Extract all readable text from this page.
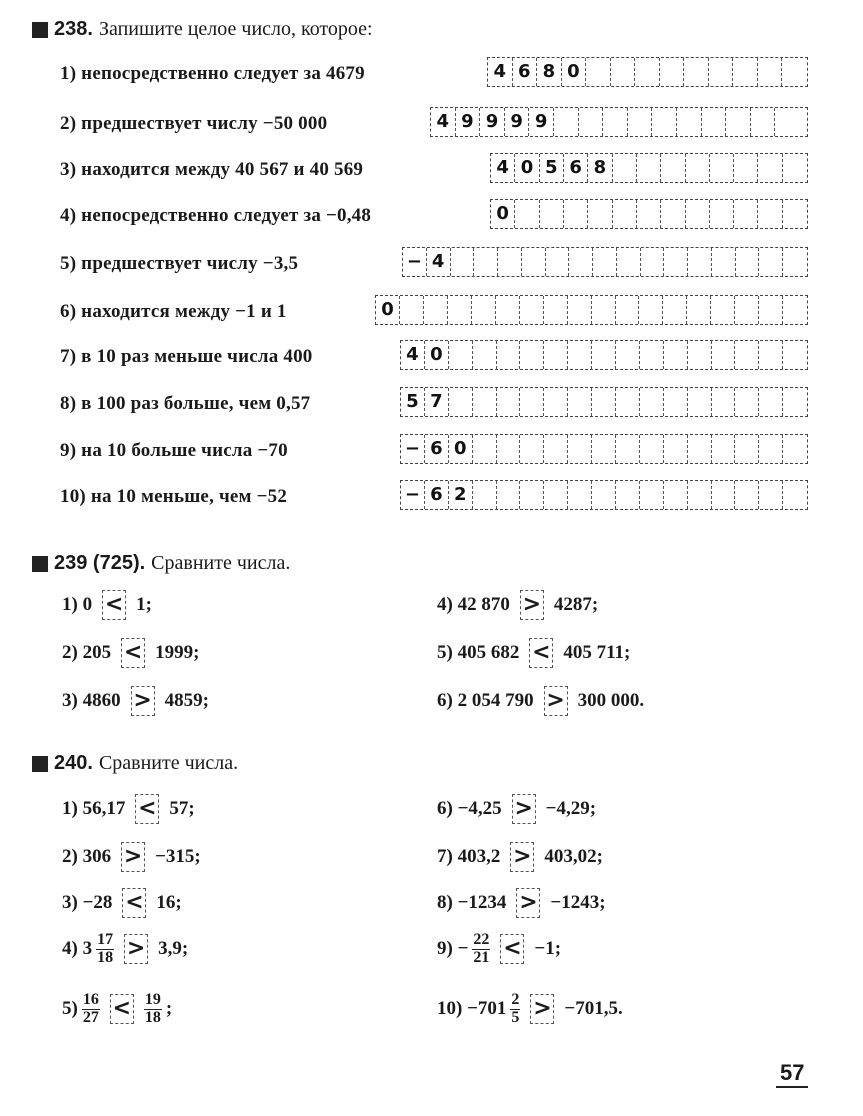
238. Запишите целое число, которое:
1) непосредственно следует за 4679	4 6 8 0
2) предшествует числу −50 000	4 9 9 9 9
3) находится между 40 567 и 40 569	4 0 5 6 8
4) непосредственно следует за −0,48	0
5) предшествует числу −3,5	− 4
6) находится между −1 и 1	0
7) в 10 раз меньше числа 400	4 0
8) в 100 раз больше, чем 0,57	5 7
9) на 10 больше числа −70	− 6 0
10) на 10 меньше, чем −52	− 6 2
239 (725). Сравните числа.
1) 0 < 1;
2) 205 < 1999;
3) 4860 > 4859;
4) 42 870 > 4287;
5) 405 682 < 405 711;
6) 2 054 790 > 300 000.
240. Сравните числа.
1) 56,17 < 57;
2) 306 > −315;
3) −28 < 16;
4) $3 \frac{17}{18} > 3,9$;
$5) \frac{16}{27} < \frac{19}{18}$ ;
6) −4,25 > −4,29;
7) 403,2 > 403,02;
8) −1234 > −1243;
$9) - \frac{22}{21} < -1$;
$10) -701 \frac{2}{5} > -701,5$.
57
